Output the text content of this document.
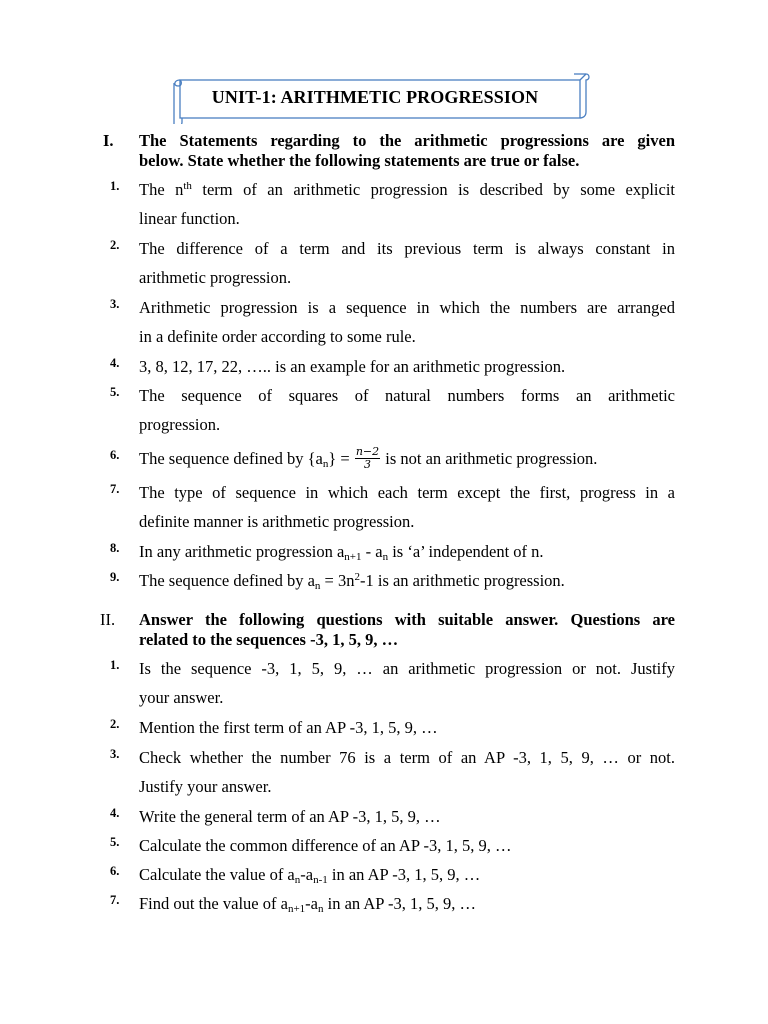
UNIT-1: ARITHMETIC PROGRESSION
I.	The Statements regarding to the arithmetic progressions are given
below. State whether the following statements are true or false.
1.	The $n^{th}$ term of an arithmetic progression is described by some explicit
linear function.
2.	The difference of a term and its previous term is always constant in
arithmetic progression.
3.	Arithmetic progression is a sequence in which the numbers are arranged
in a definite order according to some rule.
4.	3, 8, 12, 17, 22, ….. is an example for an arithmetic progression.
5.	The sequence of squares of natural numbers forms an arithmetic
progression.
6.	The sequence defined by $\{a_n\} = \frac{n-2}{3}$ is not an arithmetic progression.
7.	The type of sequence in which each term except the first, progress in a
definite manner is arithmetic progression.
8.	In any arithmetic progression $a_{n+1} - a_n$ is ‘a’ independent of n.
9.	The sequence defined by $a_n = 3n^2-1$ is an arithmetic progression.
II.	Answer the following questions with suitable answer. Questions are
related to the sequences -3, 1, 5, 9, …
1.	Is the sequence -3, 1, 5, 9, … an arithmetic progression or not. Justify
your answer.
2.	Mention the first term of an AP -3, 1, 5, 9, …
3.	Check whether the number 76 is a term of an AP -3, 1, 5, 9, … or not.
Justify your answer.
4.	Write the general term of an AP -3, 1, 5, 9, …
5.	Calculate the common difference of an AP -3, 1, 5, 9, …
6.	Calculate the value of $a_n-a_{n-1}$ in an AP -3, 1, 5, 9, …
7.	Find out the value of $a_{n+1}-a_n$ in an AP -3, 1, 5, 9, …
